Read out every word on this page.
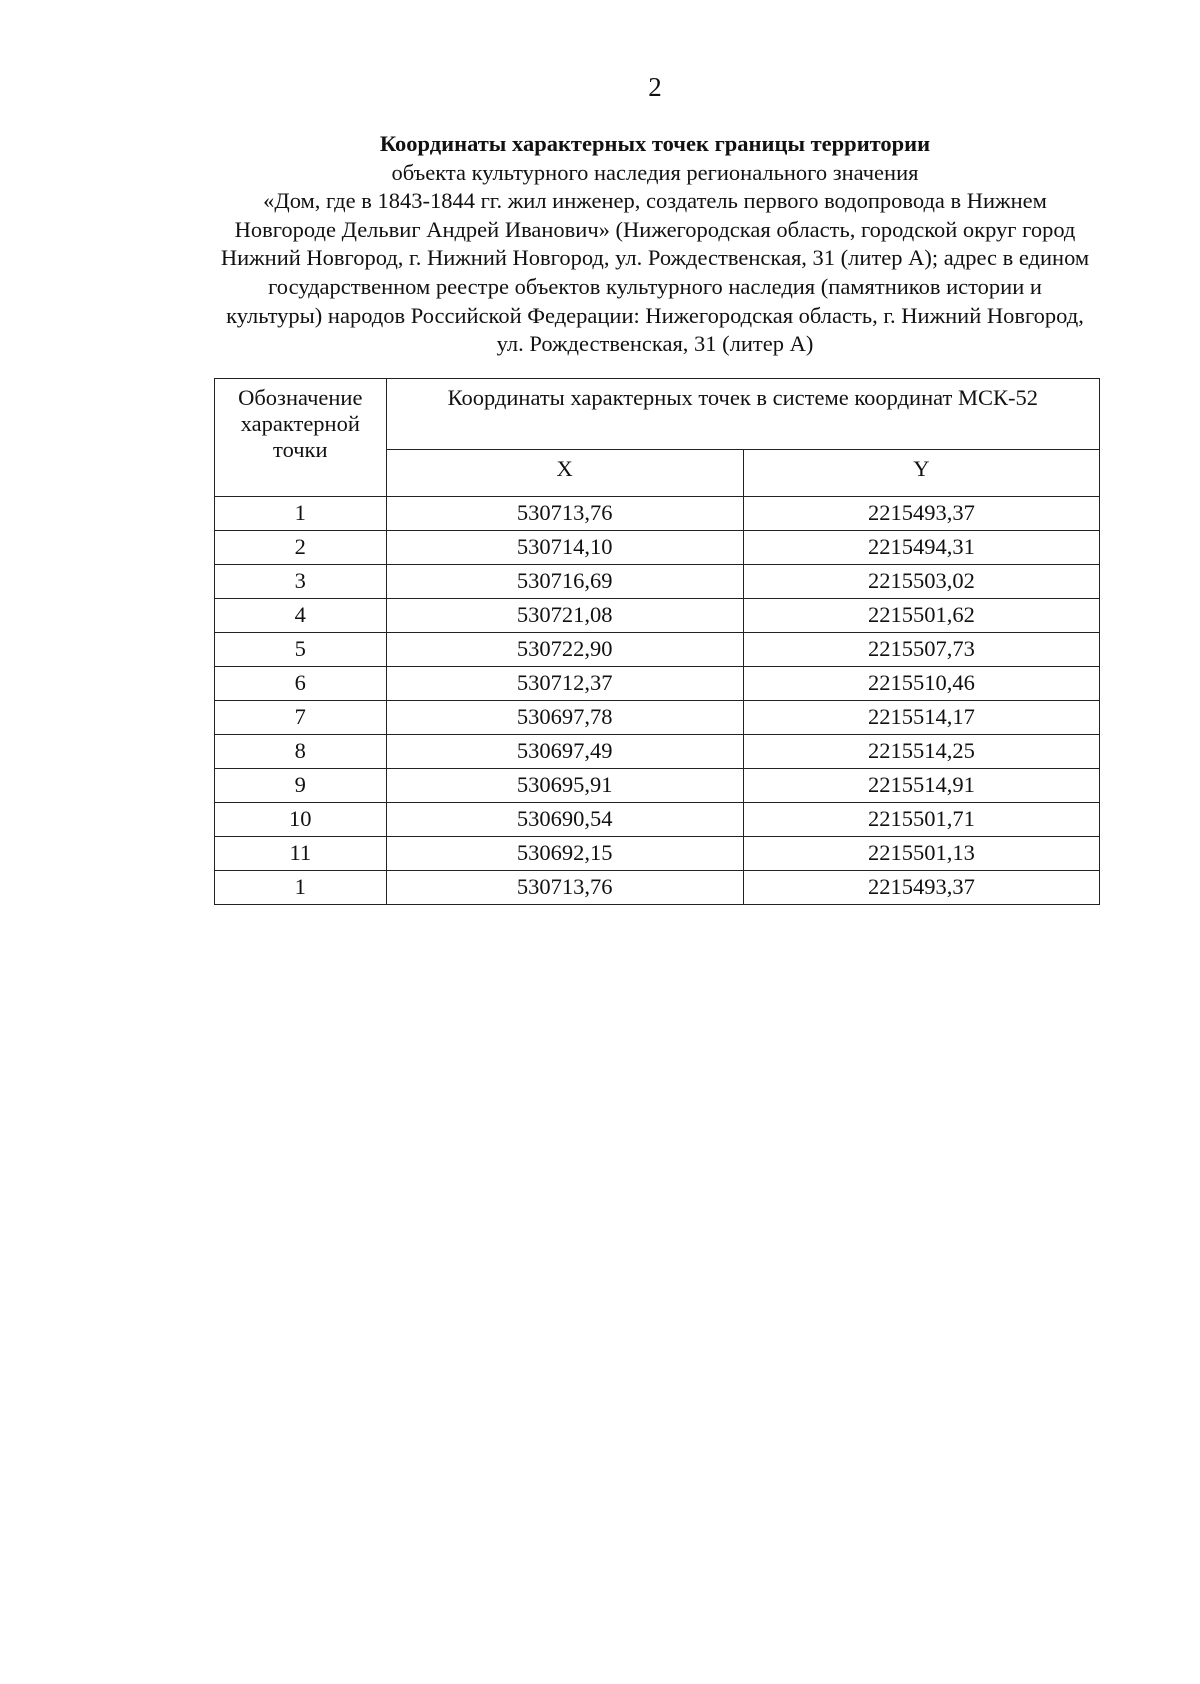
2
Координаты характерных точек границы территории
объекта культурного наследия регионального значения
«Дом, где в 1843-1844 гг. жил инженер, создатель первого водопровода в Нижнем
Новгороде Дельвиг Андрей Иванович» (Нижегородская область, городской округ город
Нижний Новгород, г. Нижний Новгород, ул. Рождественская, 31 (литер А); адрес в едином
государственном реестре объектов культурного наследия (памятников истории и
культуры) народов Российской Федерации: Нижегородская область, г. Нижний Новгород,
ул. Рождественская, 31 (литер А)
Обозначение
характерной
точки	Координаты характерных точек в системе координат МСК-52	
	X	Y
1	530713,76	2215493,37
2	530714,10	2215494,31
3	530716,69	2215503,02
4	530721,08	2215501,62
5	530722,90	2215507,73
6	530712,37	2215510,46
7	530697,78	2215514,17
8	530697,49	2215514,25
9	530695,91	2215514,91
10	530690,54	2215501,71
11	530692,15	2215501,13
1	530713,76	2215493,37
